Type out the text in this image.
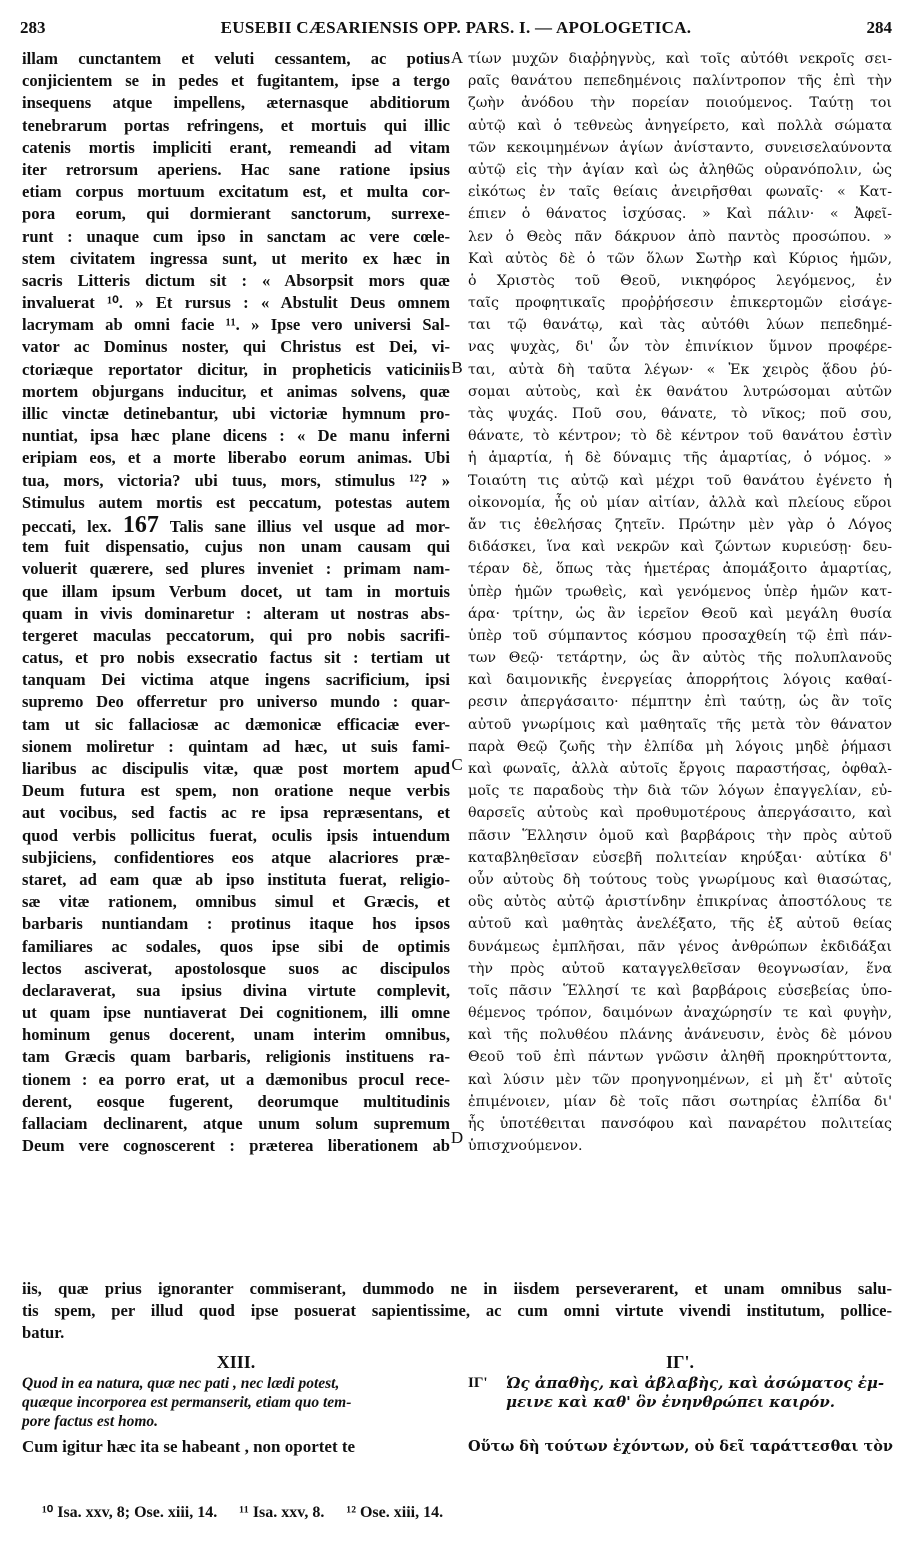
283	EUSEBII CÆSARIENSIS OPP. PARS. I. — APOLOGETICA.	284
illam cunctantem et veluti cessantem, ac potius
conjicientem se in pedes et fugitantem, ipse a tergo
insequens atque impellens, æternasque abditiorum
tenebrarum portas refringens, et mortuis qui illic
catenis mortis impliciti erant, remeandi ad vitam
iter retrorsum aperiens. Hac sane ratione ipsius
etiam corpus mortuum excitatum est, et multa cor-
pora eorum, qui dormierant sanctorum, surrexe-
runt : unaque cum ipso in sanctam ac vere cœle-
stem civitatem ingressa sunt, ut merito ex hæc in
sacris Litteris dictum sit : « Absorpsit mors quæ
invaluerat ¹⁰. » Et rursus : « Abstulit Deus omnem
lacrymam ab omni facie ¹¹. » Ipse vero universi Sal-
vator ac Dominus noster, qui Christus est Dei, vi-
ctoriæque reportator dicitur, in propheticis vaticiniis
mortem objurgans inducitur, et animas solvens, quæ
illic vinctæ detinebantur, ubi victoriæ hymnum pro-
nuntiat, ipsa hæc plane dicens : « De manu inferni
eripiam eos, et a morte liberabo eorum animas. Ubi
tua, mors, victoria? ubi tuus, mors, stimulus ¹²? »
Stimulus autem mortis est peccatum, potestas autem
peccati, lex. 167 Talis sane illius vel usque ad mor-
tem fuit dispensatio, cujus non unam causam qui
voluerit quærere, sed plures inveniet : primam nam-
que illam ipsum Verbum docet, ut tam in mortuis
quam in vivis dominaretur : alteram ut nostras abs-
tergeret maculas peccatorum, qui pro nobis sacrifi-
catus, et pro nobis exsecratio factus sit : tertiam ut
tanquam Dei victima atque ingens sacrificium, ipsi
supremo Deo offerretur pro universo mundo : quar-
tam ut sic fallaciosæ ac dæmonicæ efficaciæ ever-
sionem moliretur : quintam ad hæc, ut suis fami-
liaribus ac discipulis vitæ, quæ post mortem apud
Deum futura est spem, non oratione neque verbis
aut vocibus, sed factis ac re ipsa repræsentans, et
quod verbis pollicitus fuerat, oculis ipsis intuendum
subjiciens, confidentiores eos atque alacriores præ-
staret, ad eam quæ ab ipso instituta fuerat, religio-
sæ vitæ rationem, omnibus simul et Græcis, et
barbaris nuntiandam : protinus itaque hos ipsos
familiares ac sodales, quos ipse sibi de optimis
lectos asciverat, apostolosque suos ac discipulos
declaraverat, sua ipsius divina virtute complevit,
ut quam ipse nuntiaverat Dei cognitionem, illi omne
hominum genus docerent, unam interim omnibus,
tam Græcis quam barbaris, religionis instituens ra-
tionem : ea porro erat, ut a dæmonibus procul rece-
derent, eosque fugerent, deorumque multitudinis
fallaciam declinarent, atque unum solum supremum
Deum vere cognoscerent : præterea liberationem ab
τίων μυχῶν διαῤῥηγνὺς, καὶ τοῖς αὐτόθι νεκροῖς σει-
ραῖς θανάτου πεπεδημένοις παλίντροπον τῆς ἐπὶ τὴν
ζωὴν ἀνόδου τὴν πορείαν ποιούμενος. Ταύτῃ τοι
αὐτῷ καὶ ὁ τεθνεὼς ἀνηγείρετο, καὶ πολλὰ σώματα
τῶν κεκοιμημένων ἁγίων ἀνίσταντο, συνεισελαύνοντα
αὐτῷ εἰς τὴν ἁγίαν καὶ ὡς ἀληθῶς οὐρανόπολιν, ὡς
εἰκότως ἐν ταῖς θείαις ἀνειρῆσθαι φωναῖς· « Κατ-
έπιεν ὁ θάνατος ἰσχύσας. » Καὶ πάλιν· « Ἀφεῖ-
λεν ὁ Θεὸς πᾶν δάκρυον ἀπὸ παντὸς προσώπου. »
Καὶ αὐτὸς δὲ ὁ τῶν ὅλων Σωτὴρ καὶ Κύριος ἡμῶν,
ὁ Χριστὸς τοῦ Θεοῦ, νικηφόρος λεγόμενος, ἐν
ταῖς προφητικαῖς προῤῥήσεσιν ἐπικερτομῶν εἰσάγε-
ται τῷ θανάτῳ, καὶ τὰς αὐτόθι λύων πεπεδημέ-
νας ψυχὰς, δι' ὧν τὸν ἐπινίκιον ὕμνον προφέρε-
ται, αὐτὰ δὴ ταῦτα λέγων· « Ἐκ χειρὸς ᾅδου ῥύ-
σομαι αὐτοὺς, καὶ ἐκ θανάτου λυτρώσομαι αὐτῶν
τὰς ψυχάς. Ποῦ σου, θάνατε, τὸ νῖκος; ποῦ σου,
θάνατε, τὸ κέντρον; τὸ δὲ κέντρον τοῦ θανάτου ἐστὶν
ἡ ἁμαρτία, ἡ δὲ δύναμις τῆς ἁμαρτίας, ὁ νόμος. »
Τοιαύτη τις αὐτῷ καὶ μέχρι τοῦ θανάτου ἐγένετο ἡ
οἰκονομία, ἧς οὐ μίαν αἰτίαν, ἀλλὰ καὶ πλείους εὕροι
ἄν τις ἐθελήσας ζητεῖν. Πρώτην μὲν γὰρ ὁ Λόγος
διδάσκει, ἵνα καὶ νεκρῶν καὶ ζώντων κυριεύσῃ· δευ-
τέραν δὲ, ὅπως τὰς ἡμετέρας ἀπομάξοιτο ἁμαρτίας,
ὑπὲρ ἡμῶν τρωθεὶς, καὶ γενόμενος ὑπὲρ ἡμῶν κατ-
άρα· τρίτην, ὡς ἂν ἱερεῖον Θεοῦ καὶ μεγάλη θυσία
ὑπὲρ τοῦ σύμπαντος κόσμου προσαχθείη τῷ ἐπὶ πάν-
των Θεῷ· τετάρτην, ὡς ἂν αὐτὸς τῆς πολυπλανοῦς
καὶ δαιμονικῆς ἐνεργείας ἀπορρήτοις λόγοις καθαί-
ρεσιν ἀπεργάσαιτο· πέμπτην ἐπὶ ταύτῃ, ὡς ἂν τοῖς
αὐτοῦ γνωρίμοις καὶ μαθηταῖς τῆς μετὰ τὸν θάνατον
παρὰ Θεῷ ζωῆς τὴν ἐλπίδα μὴ λόγοις μηδὲ ῥήμασι
καὶ φωναῖς, ἀλλὰ αὐτοῖς ἔργοις παραστήσας, ὀφθαλ-
μοῖς τε παραδοὺς τὴν διὰ τῶν λόγων ἐπαγγελίαν, εὐ-
θαρσεῖς αὐτοὺς καὶ προθυμοτέρους ἀπεργάσαιτο, καὶ
πᾶσιν Ἕλλησιν ὁμοῦ καὶ βαρβάροις τὴν πρὸς αὐτοῦ
καταβληθεῖσαν εὐσεβῆ πολιτείαν κηρύξαι· αὐτίκα δ'
οὖν αὐτοὺς δὴ τούτους τοὺς γνωρίμους καὶ θιασώτας,
οὓς αὐτὸς αὐτῷ ἀριστίνδην ἐπικρίνας ἀποστόλους τε
αὐτοῦ καὶ μαθητὰς ἀνελέξατο, τῆς ἐξ αὐτοῦ θείας
δυνάμεως ἐμπλῆσαι, πᾶν γένος ἀνθρώπων ἐκδιδάξαι
τὴν πρὸς αὐτοῦ καταγγελθεῖσαν θεογνωσίαν, ἕνα
τοῖς πᾶσιν Ἕλλησί τε καὶ βαρβάροις εὐσεβείας ὑπο-
θέμενος τρόπον, δαιμόνων ἀναχώρησίν τε καὶ φυγὴν,
καὶ τῆς πολυθέου πλάνης ἀνάνευσιν, ἑνὸς δὲ μόνου
Θεοῦ τοῦ ἐπὶ πάντων γνῶσιν ἀληθῆ προκηρύττοντα,
καὶ λύσιν μὲν τῶν προηγνοημένων, εἰ μὴ ἔτ' αὐτοῖς
ἐπιμένοιεν, μίαν δὲ τοῖς πᾶσι σωτηρίας ἐλπίδα δι'
ἧς ὑποτέθειται πανσόφου καὶ παναρέτου πολιτείας
ὑπισχνούμενον.
A
B
C
D
iis, quæ prius ignoranter commiserant, dummodo ne in iisdem perseverarent, et unam omnibus salu-
tis spem, per illud quod ipse posuerat sapientissime, ac cum omni virtute vivendi institutum, pollice-
batur.
XIII.
Quod in ea natura, quæ nec pati , nec lædi potest,
quæque incorporea est permanserit, etiam quo tem-
pore factus est homo.
Cum igitur hæc ita se habeant , non oportet te
ΙΓ'.
ΙΓ' Ὡς ἀπαθὴς, καὶ ἀβλαβὴς, καὶ ἀσώματος ἐμ-
μεινε καὶ καθ' ὃν ἐνηνθρώπει καιρόν.
Οὕτω δὴ τούτων ἐχόντων, οὐ δεῖ ταράττεσθαι τὸν
¹⁰ Isa. xxv, 8; Ose. xiii, 14. ¹¹ Isa. xxv, 8. ¹² Ose. xiii, 14.
